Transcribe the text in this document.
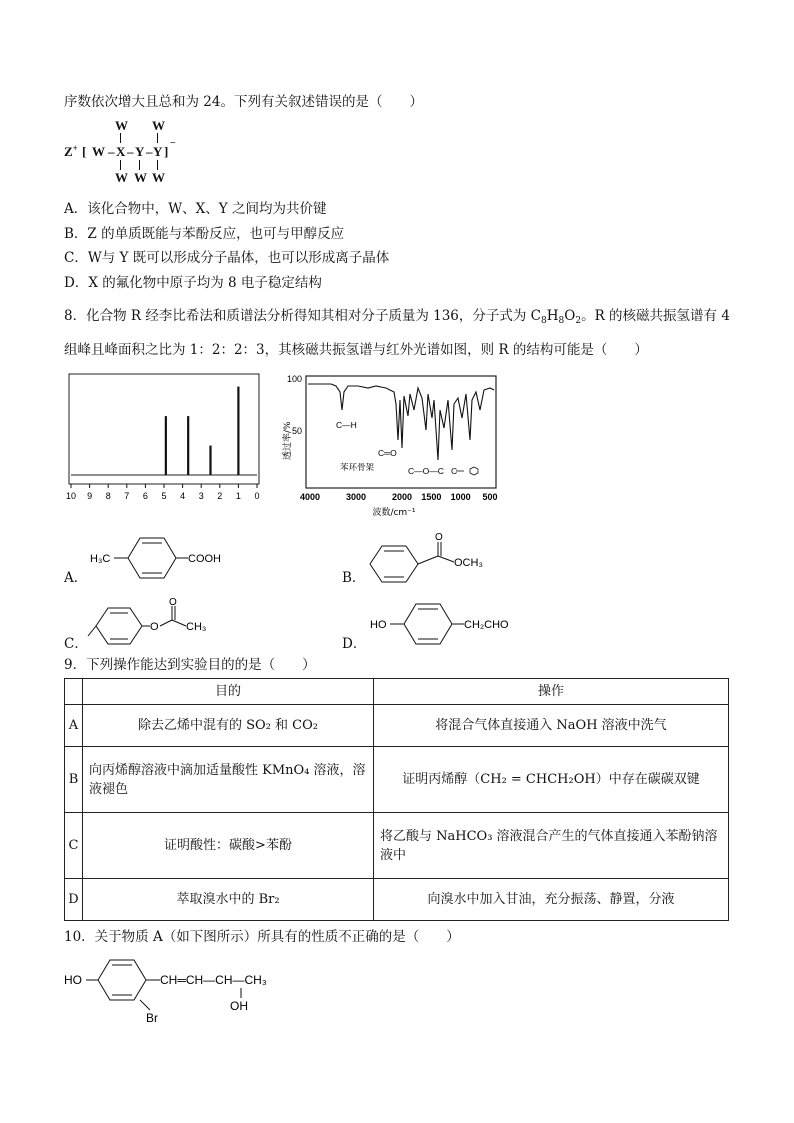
序数依次增大且总和为 24。下列有关叙述错误的是（　　）
Z+ [ W – X – Y – Y ]
−
W W
W W W
A．该化合物中，W、X、Y 之间均为共价键
B．Z 的单质既能与苯酚反应，也可与甲醇反应
C．W与 Y 既可以形成分子晶体，也可以形成离子晶体
D．X 的氟化物中原子均为 8 电子稳定结构
8．化合物 R 经李比希法和质谱法分析得知其相对分子质量为 136，分子式为 $C_8H_8O_2$。R 的核磁共振氢谱有 4
组峰且峰面积之比为 1：2：2：3，其核磁共振氢谱与红外光谱如图，则 R 的结构可能是（　　）
10 9 8 7 6 5 4 3 2 1 0
100
50
透过率/%	C—H
C═O
苯环骨架	C—O—C C
4000	3000	2000 1500 1000 500
波数/cm⁻¹
A．
H₃C	COOH
B．
O
OCH₃
C．
O
O
CH₃
D．
HO	CH₂CHO
9．下列操作能达到实验目的的是（　　）
	目的	操作
A	除去乙烯中混有的 SO₂ 和 CO₂	将混合气体直接通入 NaOH 溶液中洗气
B	向丙烯醇溶液中滴加适量酸性 KMnO₄ 溶液，溶液褪色	证明丙烯醇（CH₂ = CHCH₂OH）中存在碳碳双键
C	证明酸性：碳酸>苯酚	将乙酸与 NaHCO₃ 溶液混合产生的气体直接通入苯酚钠溶液中
D	萃取溴水中的 Br₂	向溴水中加入甘油，充分振荡、静置，分液
10．关于物质 A（如下图所示）所具有的性质不正确的是（　　）
HO	CH═CH—CH—CH₃
OH
Br
